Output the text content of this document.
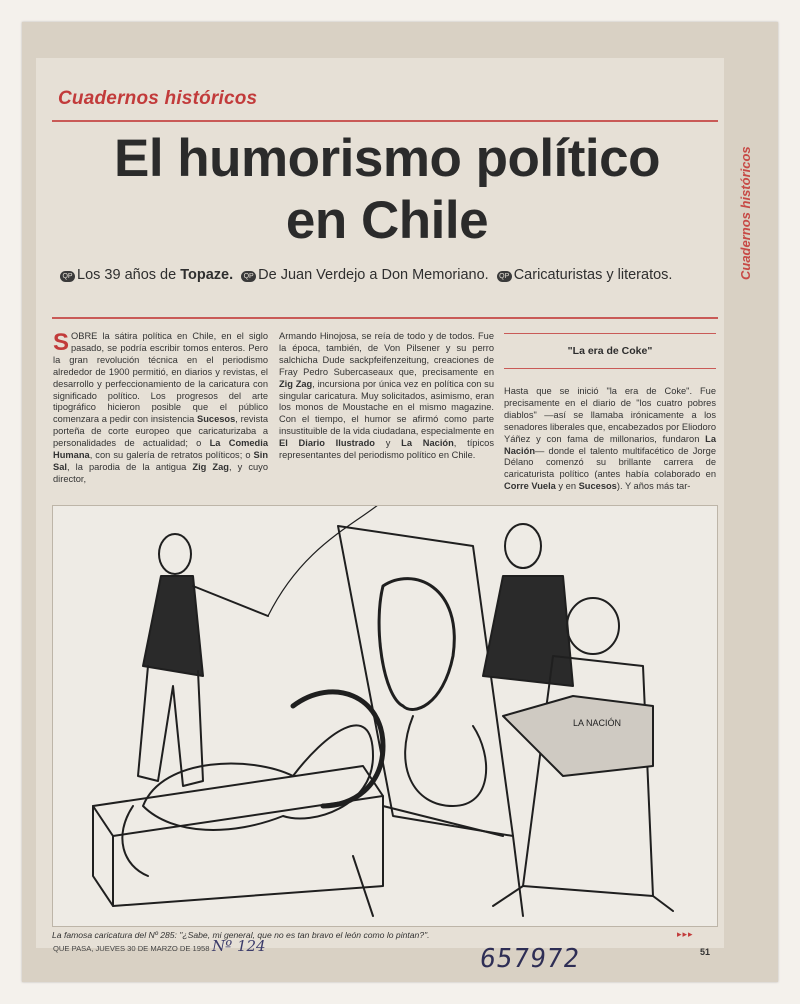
Cuadernos históricos
Cuadernos históricos
El humorismo político
en Chile
QP Los 39 años de Topaze. QP De Juan Verdejo a Don Memoriano. QP Caricaturistas y literatos.
SOBRE la sátira política en Chile, en el siglo pasado, se podría escribir tomos enteros. Pero la gran revolución técnica en el periodismo alrededor de 1900 permitió, en diarios y revistas, el desarrollo y perfeccionamiento de la caricatura con significado político. Los progresos del arte tipográfico hicieron posible que el público comenzara a pedir con insistencia Sucesos, revista porteña de corte europeo que caricaturizaba a personalidades de actualidad; o La Comedia Humana, con su galería de retratos políticos; o Sin Sal, la parodia de la antigua Zig Zag, y cuyo director,
Armando Hinojosa, se reía de todo y de todos. Fue la época, también, de Von Pilsener y su perro salchicha Dude sackpfeifenzeitung, creaciones de Fray Pedro Subercaseaux que, precisamente en Zig Zag, incursiona por única vez en política con su singular caricatura. Muy solicitados, asimismo, eran los monos de Moustache en el mismo magazine. Con el tiempo, el humor se afirmó como parte insustituible de la vida ciudadana, especialmente en El Diario Ilustrado y La Nación, típicos representantes del periodismo político en Chile.
"La era de Coke"
Hasta que se inició "la era de Coke". Fue precisamente en el diario de "los cuatro pobres diablos" —así se llamaba irónicamente a los senadores liberales que, encabezados por Eliodoro Yáñez y con fama de millonarios, fundaron La Nación— donde el talento multifacético de Jorge Délano comenzó su brillante carrera de caricaturista político (antes había colaborado en Corre Vuela y en Sucesos). Y años más tar-
LA NACIÓN
La famosa caricatura del Nº 285: "¿Sabe, mi general, que no es tan bravo el león como lo pintan?".	▸▸▸
QUE PASA, JUEVES 30 DE MARZO DE 1958	51
Nº 124	657972
